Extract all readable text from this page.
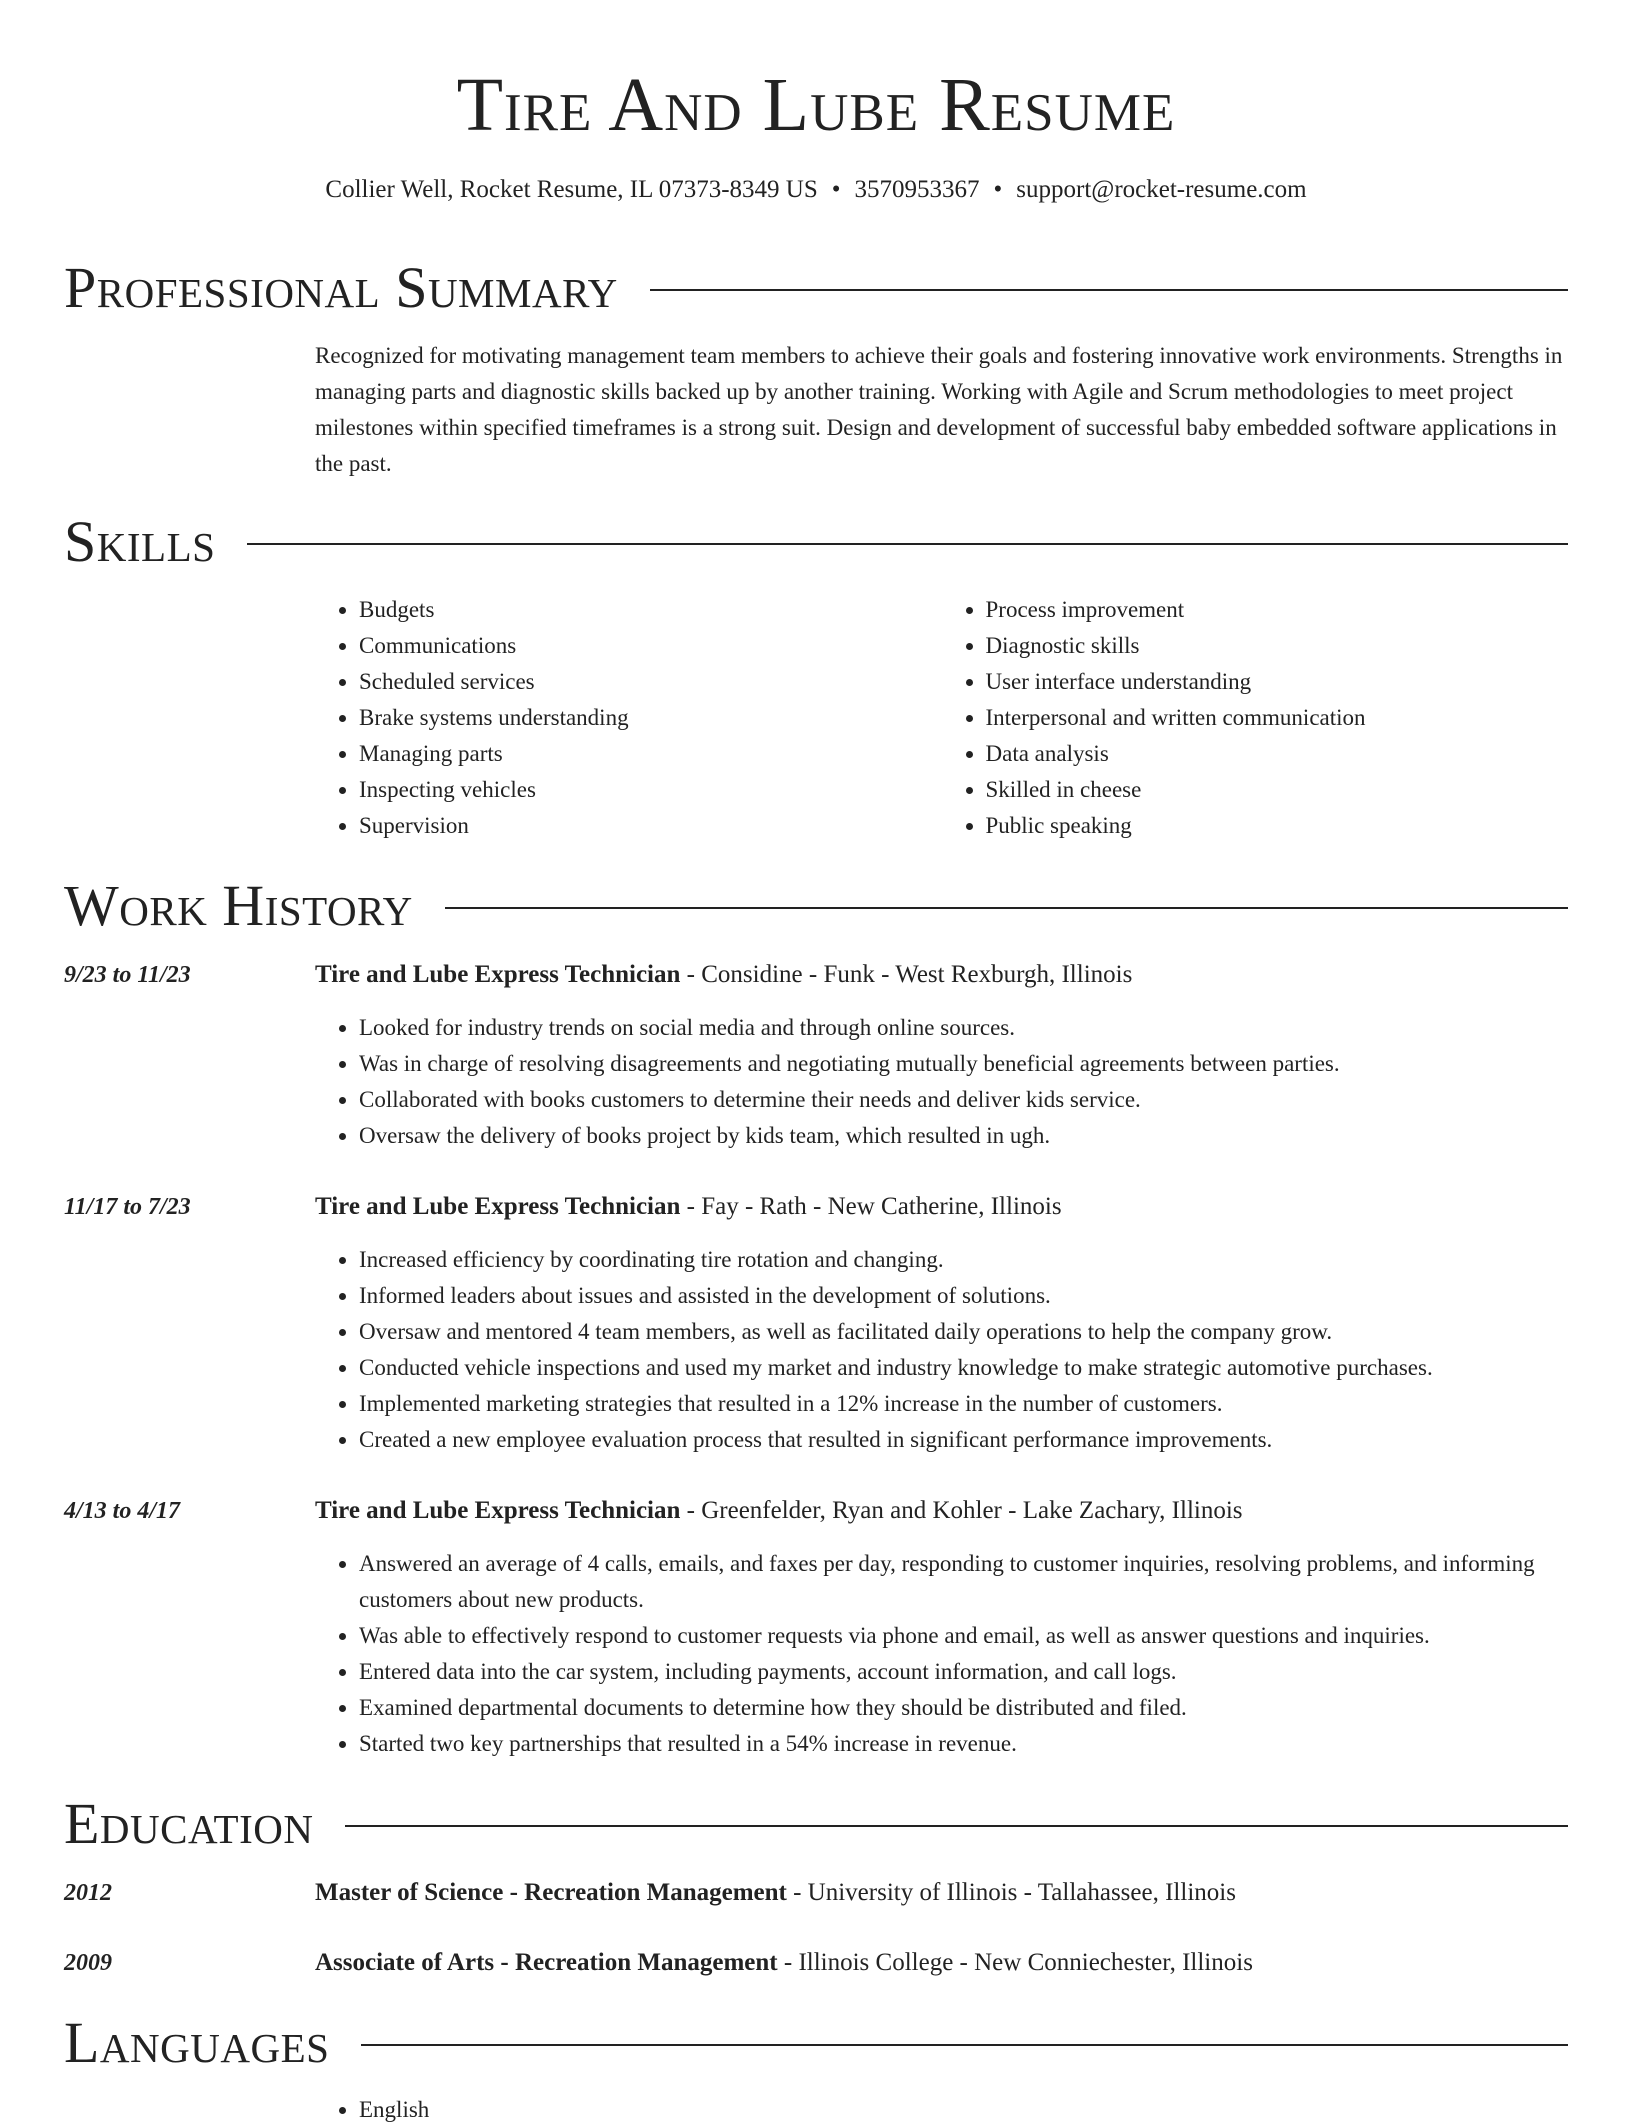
Tire And Lube Resume
Collier Well, Rocket Resume, IL 07373-8349 US • 3570953367 • support@rocket-resume.com
Professional Summary
Recognized for motivating management team members to achieve their goals and fostering innovative work environments. Strengths in managing parts and diagnostic skills backed up by another training. Working with Agile and Scrum methodologies to meet project milestones within specified timeframes is a strong suit. Design and development of successful baby embedded software applications in the past.
Skills
• Budgets
• Communications
• Scheduled services
• Brake systems understanding
• Managing parts
• Inspecting vehicles
• Supervision
• Process improvement
• Diagnostic skills
• User interface understanding
• Interpersonal and written communication
• Data analysis
• Skilled in cheese
• Public speaking
Work History
9/23 to 11/23	Tire and Lube Express Technician - Considine - Funk - West Rexburgh, Illinois
• Looked for industry trends on social media and through online sources.
• Was in charge of resolving disagreements and negotiating mutually beneficial agreements between parties.
• Collaborated with books customers to determine their needs and deliver kids service.
• Oversaw the delivery of books project by kids team, which resulted in ugh.
11/17 to 7/23	Tire and Lube Express Technician - Fay - Rath - New Catherine, Illinois
• Increased efficiency by coordinating tire rotation and changing.
• Informed leaders about issues and assisted in the development of solutions.
• Oversaw and mentored 4 team members, as well as facilitated daily operations to help the company grow.
• Conducted vehicle inspections and used my market and industry knowledge to make strategic automotive purchases.
• Implemented marketing strategies that resulted in a 12% increase in the number of customers.
• Created a new employee evaluation process that resulted in significant performance improvements.
4/13 to 4/17	Tire and Lube Express Technician - Greenfelder, Ryan and Kohler - Lake Zachary, Illinois
• Answered an average of 4 calls, emails, and faxes per day, responding to customer inquiries, resolving problems, and informing customers about new products.
• Was able to effectively respond to customer requests via phone and email, as well as answer questions and inquiries.
• Entered data into the car system, including payments, account information, and call logs.
• Examined departmental documents to determine how they should be distributed and filed.
• Started two key partnerships that resulted in a 54% increase in revenue.
Education
2012	Master of Science - Recreation Management - University of Illinois - Tallahassee, Illinois
2009	Associate of Arts - Recreation Management - Illinois College - New Conniechester, Illinois
Languages
• English
